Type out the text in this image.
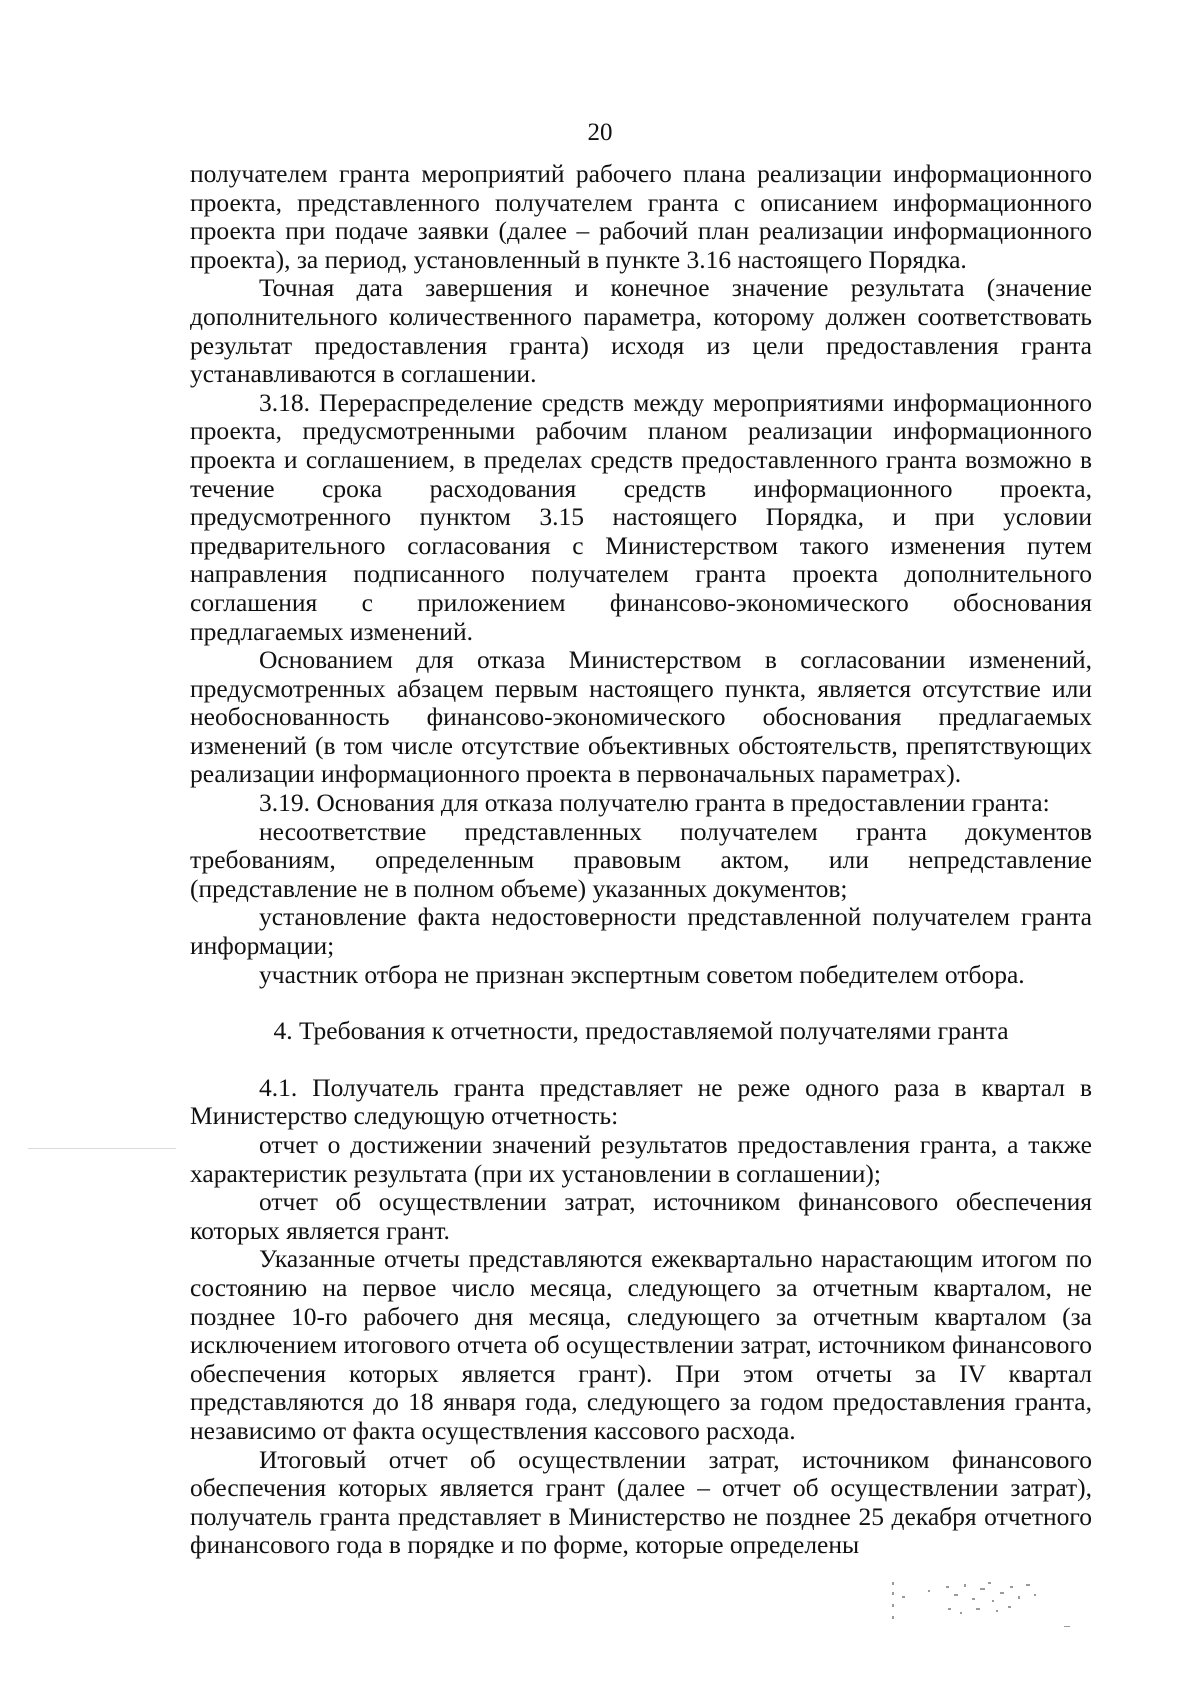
20

получателем гранта мероприятий рабочего плана реализации информационного проекта, представленного получателем гранта с описанием информационного проекта при подаче заявки (далее – рабочий план реализации информационного проекта), за период, установленный в пункте 3.16 настоящего Порядка.

Точная дата завершения и конечное значение результата (значение дополнительного количественного параметра, которому должен соответствовать результат предоставления гранта) исходя из цели предоставления гранта устанавливаются в соглашении.

3.18. Перераспределение средств между мероприятиями информационного проекта, предусмотренными рабочим планом реализации информационного проекта и соглашением, в пределах средств предоставленного гранта возможно в течение срока расходования средств информационного проекта, предусмотренного пунктом 3.15 настоящего Порядка, и при условии предварительного согласования с Министерством такого изменения путем направления подписанного получателем гранта проекта дополнительного соглашения с приложением финансово-экономического обоснования предлагаемых изменений.

Основанием для отказа Министерством в согласовании изменений, предусмотренных абзацем первым настоящего пункта, является отсутствие или необоснованность финансово-экономического обоснования предлагаемых изменений (в том числе отсутствие объективных обстоятельств, препятствующих реализации информационного проекта в первоначальных параметрах).

3.19. Основания для отказа получателю гранта в предоставлении гранта:

несоответствие представленных получателем гранта документов требованиям, определенным правовым актом, или непредставление (представление не в полном объеме) указанных документов;

установление факта недостоверности представленной получателем гранта информации;

участник отбора не признан экспертным советом победителем отбора.

4. Требования к отчетности, предоставляемой получателями гранта

4.1. Получатель гранта представляет не реже одного раза в квартал в Министерство следующую отчетность:

отчет о достижении значений результатов предоставления гранта, а также характеристик результата (при их установлении в соглашении);

отчет об осуществлении затрат, источником финансового обеспечения которых является грант.

Указанные отчеты представляются ежеквартально нарастающим итогом по состоянию на первое число месяца, следующего за отчетным кварталом, не позднее 10-го рабочего дня месяца, следующего за отчетным кварталом (за исключением итогового отчета об осуществлении затрат, источником финансового обеспечения которых является грант). При этом отчеты за IV квартал представляются до 18 января года, следующего за годом предоставления гранта, независимо от факта осуществления кассового расхода.

Итоговый отчет об осуществлении затрат, источником финансового обеспечения которых является грант (далее – отчет об осуществлении затрат), получатель гранта представляет в Министерство не позднее 25 декабря отчетного финансового года в порядке и по форме, которые определены
